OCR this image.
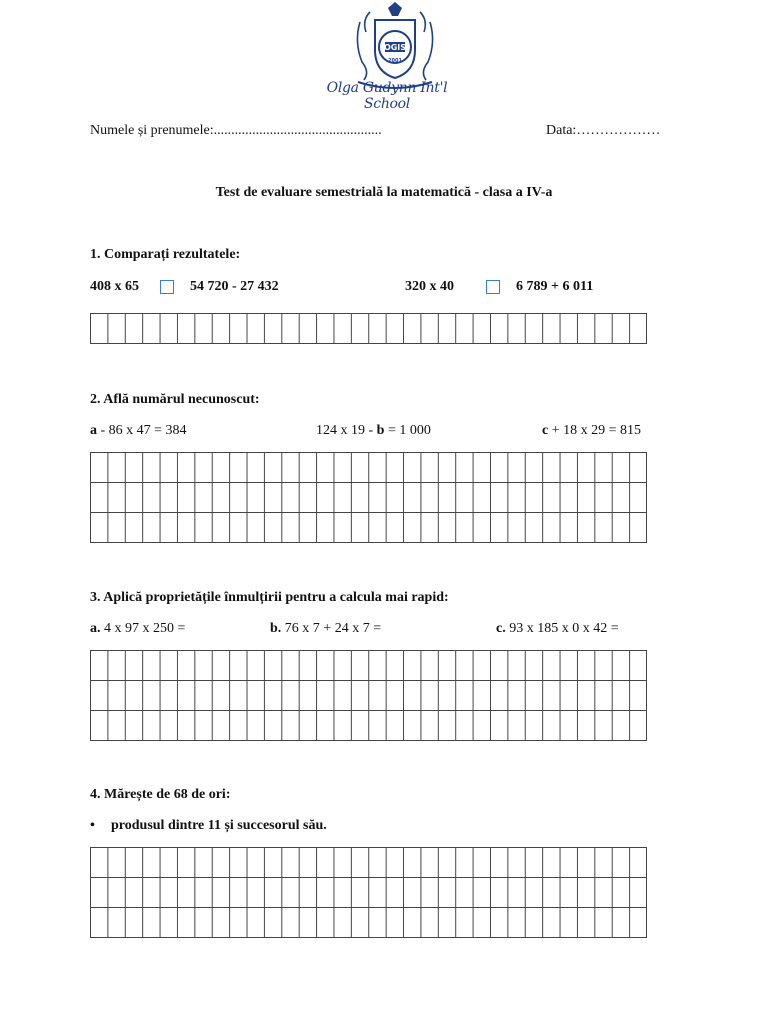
OGIS
2001
Olga Gudynn Int'l School
Numele și prenumele:................................................	Data:………………
Test de evaluare semestrială la matematică - clasa a IV-a
1. Comparați rezultatele:
408 x 65	54 720 - 27 432	320 x 40	6 789 + 6 011
2. Află numărul necunoscut:
a - 86 x 47 = 384	124 x 19 - b = 1 000	c + 18 x 29 = 815
3. Aplică proprietățile înmulțirii pentru a calcula mai rapid:
a. 4 x 97 x 250 =	b. 76 x 7 + 24 x 7 =	c. 93 x 185 x 0 x 42 =
4. Mărește de 68 de ori:
• produsul dintre 11 și succesorul său.
